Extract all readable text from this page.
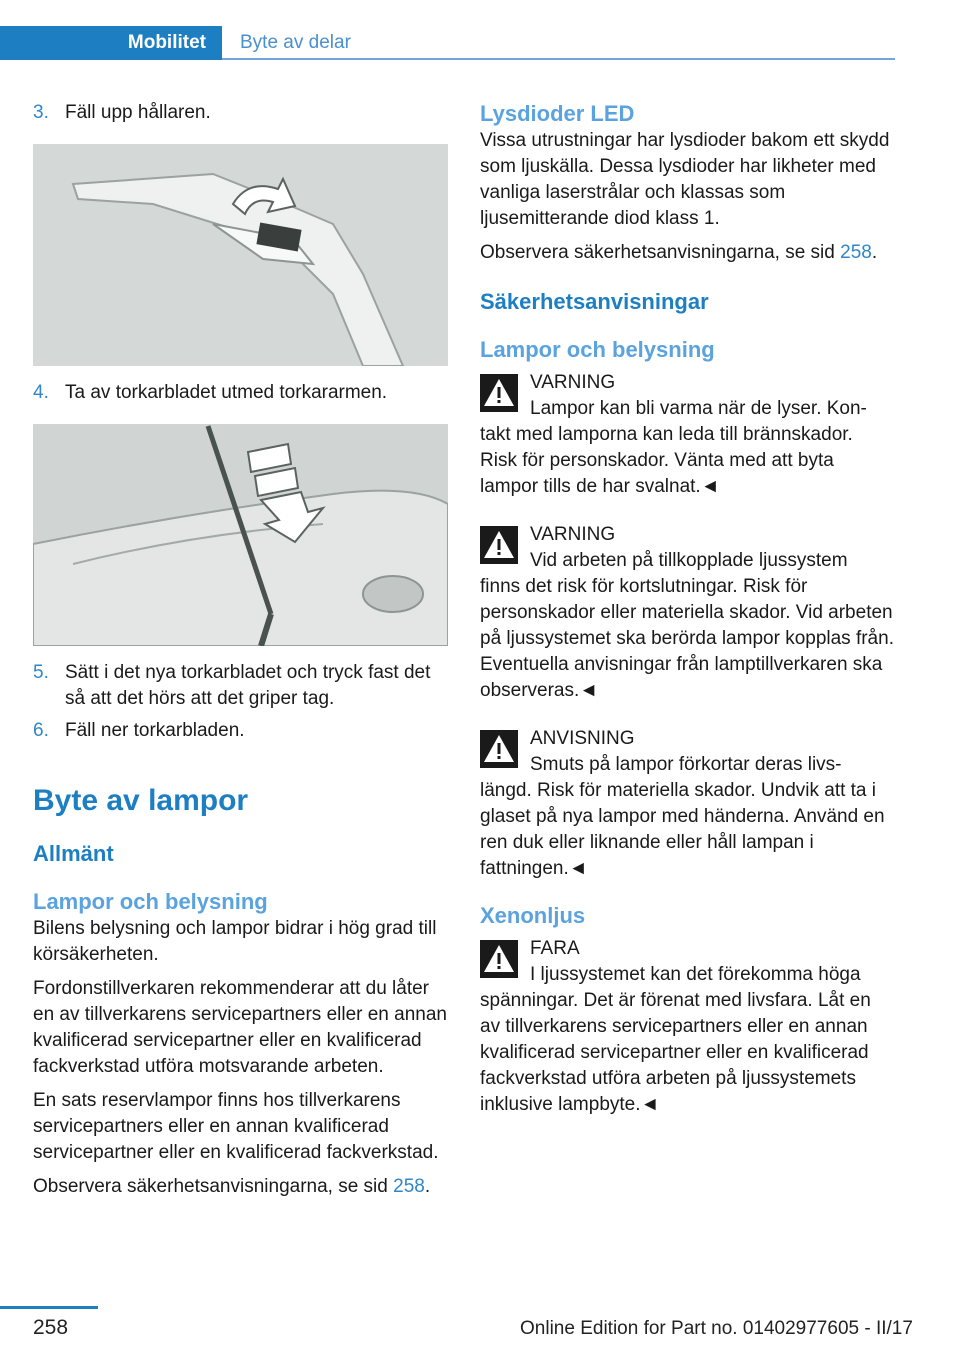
Mobilitet	Byte av delar
3. Fäll upp hållaren.
4. Ta av torkarbladet utmed torkararmen.
5. Sätt i det nya torkarbladet och tryck fast det så att det hörs att det griper tag.
6. Fäll ner torkarbladen.
Byte av lampor
Allmänt
Lampor och belysning

Bilens belysning och lampor bidrar i hög grad till körsäkerheten.

Fordonstillverkaren rekommenderar att du låter en av tillverkarens servicepartners eller en annan kvalificerad servicepartner eller en kvalificerad fackverkstad utföra motsvarande arbeten.

En sats reservlampor finns hos tillverkarens servicepartners eller en annan kvalificerad servicepartner eller en kvalificerad fackverkstad.

Observera säkerhetsanvisningarna, se sid 258.

Lysdioder LED

Vissa utrustningar har lysdioder bakom ett skydd som ljuskälla. Dessa lysdioder har likheter med vanliga laserstrålar och klassas som ljusemitterande diod klass 1.

Observera säkerhetsanvisningarna, se sid 258.

Säkerhetsanvisningar
Lampor och belysning
VARNING
Lampor kan bli varma när de lyser. Kon-
takt med lamporna kan leda till brännskador. Risk för personskador. Vänta med att byta lampor tills de har svalnat.◄
VARNING
Vid arbeten på tillkopplade ljussystem
finns det risk för kortslutningar. Risk för personskador eller materiella skador. Vid arbeten på ljussystemet ska berörda lampor kopplas från. Eventuella anvisningar från lamptillverkaren ska observeras.◄
ANVISNING
Smuts på lampor förkortar deras livs-
längd. Risk för materiella skador. Undvik att ta i glaset på nya lampor med händerna. Använd en ren duk eller liknande eller håll lampan i fattningen.◄
Xenonljus
FARA
I ljussystemet kan det förekomma höga
spänningar. Det är förenat med livsfara. Låt en av tillverkarens servicepartners eller en annan kvalificerad servicepartner eller en kvalificerad fackverkstad utföra arbeten på ljussystemets inklusive lampbyte.◄
258	Online Edition for Part no. 01402977605 - II/17
